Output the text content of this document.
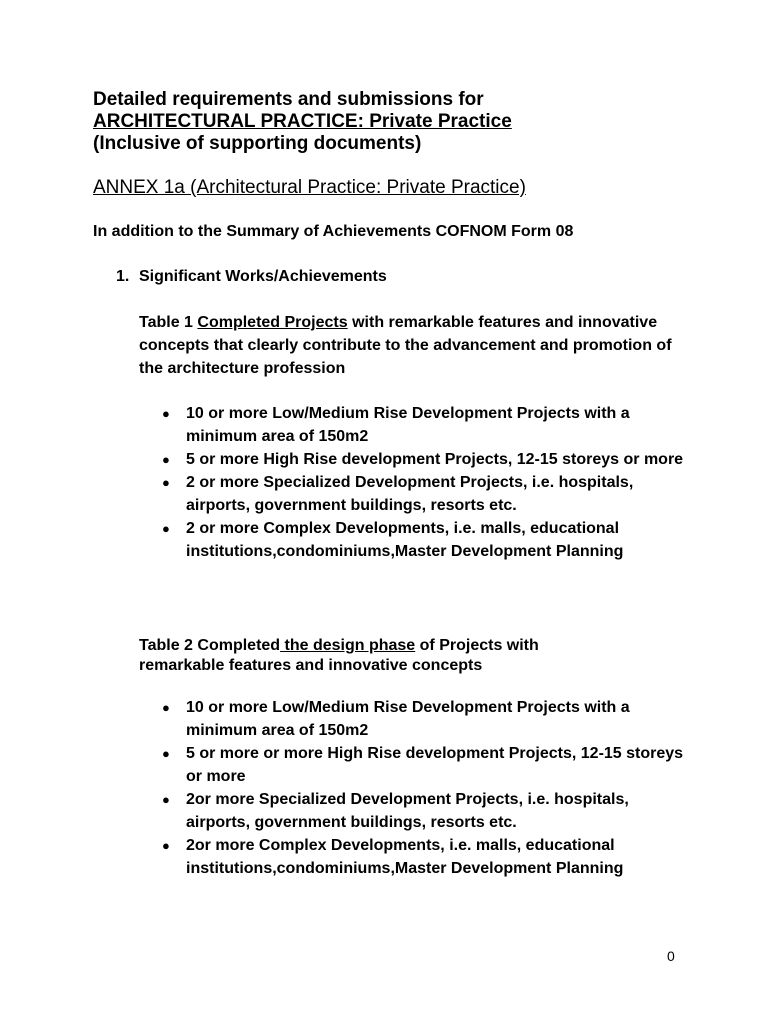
Detailed requirements and submissions for
ARCHITECTURAL PRACTICE: Private Practice
(Inclusive of supporting documents)
ANNEX 1a (Architectural Practice: Private Practice)
In addition to the Summary of Achievements COFNOM Form 08
1. Significant Works/Achievements
Table 1 Completed Projects with remarkable features and innovative concepts that clearly contribute to the advancement and promotion of the architecture profession
● 10 or more Low/Medium Rise Development Projects with a minimum area of 150m2
● 5 or more High Rise development Projects, 12-15 storeys or more
● 2 or more Specialized Development Projects, i.e. hospitals, airports, government buildings, resorts etc.
● 2 or more Complex Developments, i.e. malls, educational institutions,condominiums,Master Development Planning
Table 2 Completed the design phase of Projects with remarkable features and innovative concepts
● 10 or more Low/Medium Rise Development Projects with a minimum area of 150m2
● 5 or more or more High Rise development Projects, 12-15 storeys or more
● 2or more Specialized Development Projects, i.e. hospitals, airports, government buildings, resorts etc.
● 2or more Complex Developments, i.e. malls, educational institutions,condominiums,Master Development Planning
0
